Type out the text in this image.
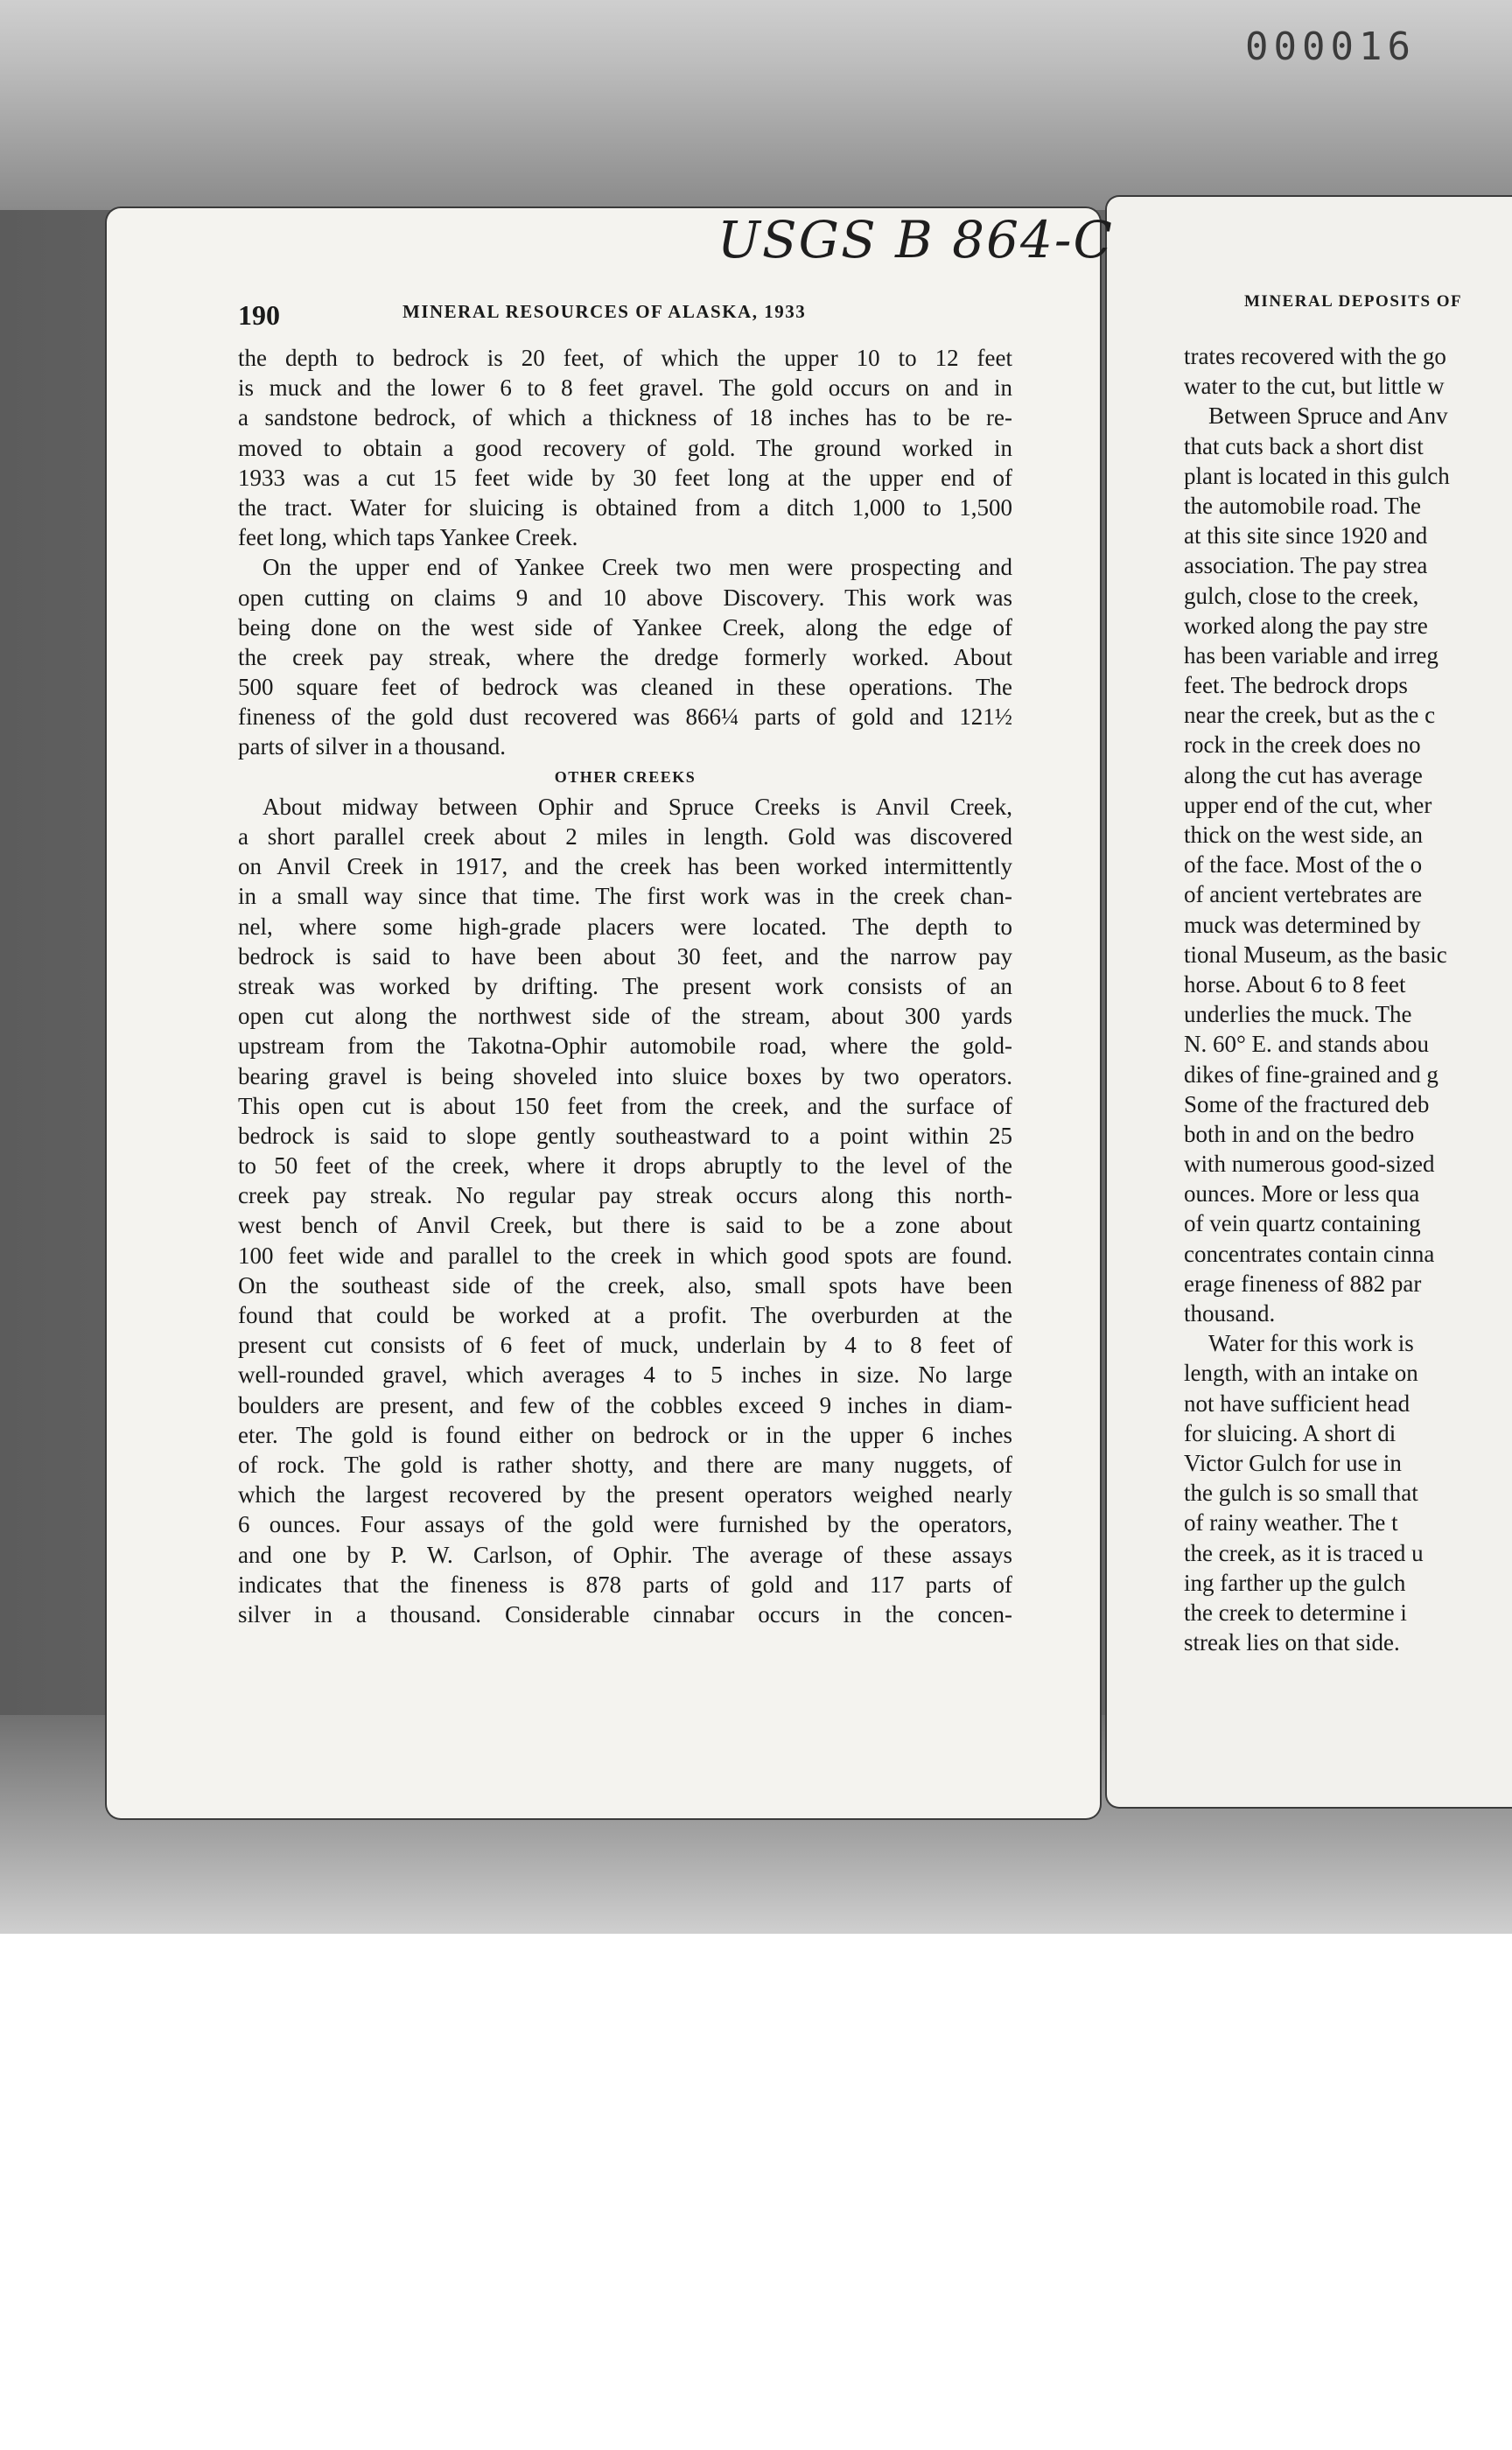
000016
USGS B 864-C
190	MINERAL RESOURCES OF ALASKA, 1933	MINERAL DEPOSITS OF
the depth to bedrock is 20 feet, of which the upper 10 to 12 feet
is muck and the lower 6 to 8 feet gravel. The gold occurs on and in
a sandstone bedrock, of which a thickness of 18 inches has to be re-
moved to obtain a good recovery of gold. The ground worked in
1933 was a cut 15 feet wide by 30 feet long at the upper end of
the tract. Water for sluicing is obtained from a ditch 1,000 to 1,500
feet long, which taps Yankee Creek.
On the upper end of Yankee Creek two men were prospecting and
open cutting on claims 9 and 10 above Discovery. This work was
being done on the west side of Yankee Creek, along the edge of
the creek pay streak, where the dredge formerly worked. About
500 square feet of bedrock was cleaned in these operations. The
fineness of the gold dust recovered was 866¼ parts of gold and 121½
parts of silver in a thousand.
OTHER CREEKS
About midway between Ophir and Spruce Creeks is Anvil Creek,
a short parallel creek about 2 miles in length. Gold was discovered
on Anvil Creek in 1917, and the creek has been worked intermittently
in a small way since that time. The first work was in the creek chan-
nel, where some high-grade placers were located. The depth to
bedrock is said to have been about 30 feet, and the narrow pay
streak was worked by drifting. The present work consists of an
open cut along the northwest side of the stream, about 300 yards
upstream from the Takotna-Ophir automobile road, where the gold-
bearing gravel is being shoveled into sluice boxes by two operators.
This open cut is about 150 feet from the creek, and the surface of
bedrock is said to slope gently southeastward to a point within 25
to 50 feet of the creek, where it drops abruptly to the level of the
creek pay streak. No regular pay streak occurs along this north-
west bench of Anvil Creek, but there is said to be a zone about
100 feet wide and parallel to the creek in which good spots are found.
On the southeast side of the creek, also, small spots have been
found that could be worked at a profit. The overburden at the
present cut consists of 6 feet of muck, underlain by 4 to 8 feet of
well-rounded gravel, which averages 4 to 5 inches in size. No large
boulders are present, and few of the cobbles exceed 9 inches in diam-
eter. The gold is found either on bedrock or in the upper 6 inches
of rock. The gold is rather shotty, and there are many nuggets, of
which the largest recovered by the present operators weighed nearly
6 ounces. Four assays of the gold were furnished by the operators,
and one by P. W. Carlson, of Ophir. The average of these assays
indicates that the fineness is 878 parts of gold and 117 parts of
silver in a thousand. Considerable cinnabar occurs in the concen-
trates recovered with the go
water to the cut, but little w
Between Spruce and Anv
that cuts back a short dist
plant is located in this gulch
the automobile road. The
at this site since 1920 and
association. The pay strea
gulch, close to the creek,
worked along the pay stre
has been variable and irreg
feet. The bedrock drops
near the creek, but as the c
rock in the creek does no
along the cut has average
upper end of the cut, wher
thick on the west side, an
of the face. Most of the o
of ancient vertebrates are
muck was determined by
tional Museum, as the basic
horse. About 6 to 8 feet
underlies the muck. The
N. 60° E. and stands abou
dikes of fine-grained and g
Some of the fractured deb
both in and on the bedro
with numerous good-sized
ounces. More or less qua
of vein quartz containing
concentrates contain cinna
erage fineness of 882 par
thousand.
Water for this work is
length, with an intake on
not have sufficient head
for sluicing. A short di
Victor Gulch for use in
the gulch is so small that
of rainy weather. The t
the creek, as it is traced u
ing farther up the gulch
the creek to determine i
streak lies on that side.
